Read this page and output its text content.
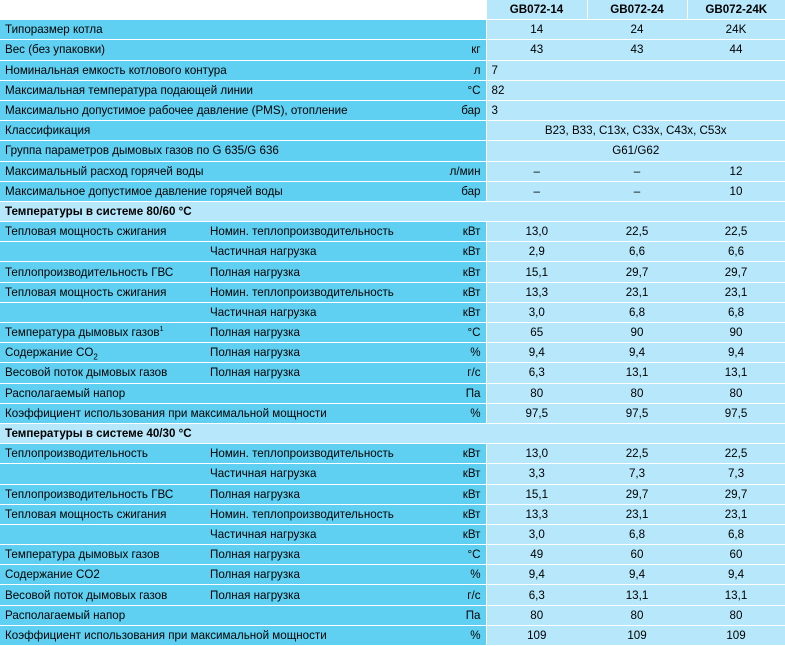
			GB072-14	GB072-24	GB072-24K
Типоразмер котла			14	24	24K
Вес (без упаковки)		кг	43	43	44
Номинальная емкость котлового контура		л	7		
Максимальная температура подающей линии		°C	82		
Максимально допустимое рабочее давление (PMS), отопление		бар	3		
Классификация			B23, B33, C13x, C33x, C43x, C53x		
Группа параметров дымовых газов по G 635/G 636			G61/G62		
Максимальный расход горячей воды		л/мин	–	–	12
Максимальное допустимое давление горячей воды		бар	–	–	10
Температуры в системе 80/60 °C					
Тепловая мощность сжигания	Номин. теплопроизводительность	кВт	13,0	22,5	22,5
	Частичная нагрузка	кВт	2,9	6,6	6,6
Теплопроизводительность ГВС	Полная нагрузка	кВт	15,1	29,7	29,7
Тепловая мощность сжигания	Номин. теплопроизводительность	кВт	13,3	23,1	23,1
	Частичная нагрузка	кВт	3,0	6,8	6,8
Температура дымовых газов$^1$	Полная нагрузка	°C	65	90	90
Содержание $CO_2$	Полная нагрузка	%	9,4	9,4	9,4
Весовой поток дымовых газов	Полная нагрузка	г/с	6,3	13,1	13,1
Располагаемый напор		Па	80	80	80
Коэффициент использования при максимальной мощности		%	97,5	97,5	97,5
Температуры в системе 40/30 °C					
Теплопроизводительность	Номин. теплопроизводительность	кВт	13,0	22,5	22,5
	Частичная нагрузка	кВт	3,3	7,3	7,3
Теплопроизводительность ГВС	Полная нагрузка	кВт	15,1	29,7	29,7
Тепловая мощность сжигания	Номин. теплопроизводительность	кВт	13,3	23,1	23,1
	Частичная нагрузка	кВт	3,0	6,8	6,8
Температура дымовых газов	Полная нагрузка	°C	49	60	60
Содержание CO2	Полная нагрузка	%	9,4	9,4	9,4
Весовой поток дымовых газов	Полная нагрузка	г/с	6,3	13,1	13,1
Располагаемый напор		Па	80	80	80
Коэффициент использования при максимальной мощности		%	109	109	109
